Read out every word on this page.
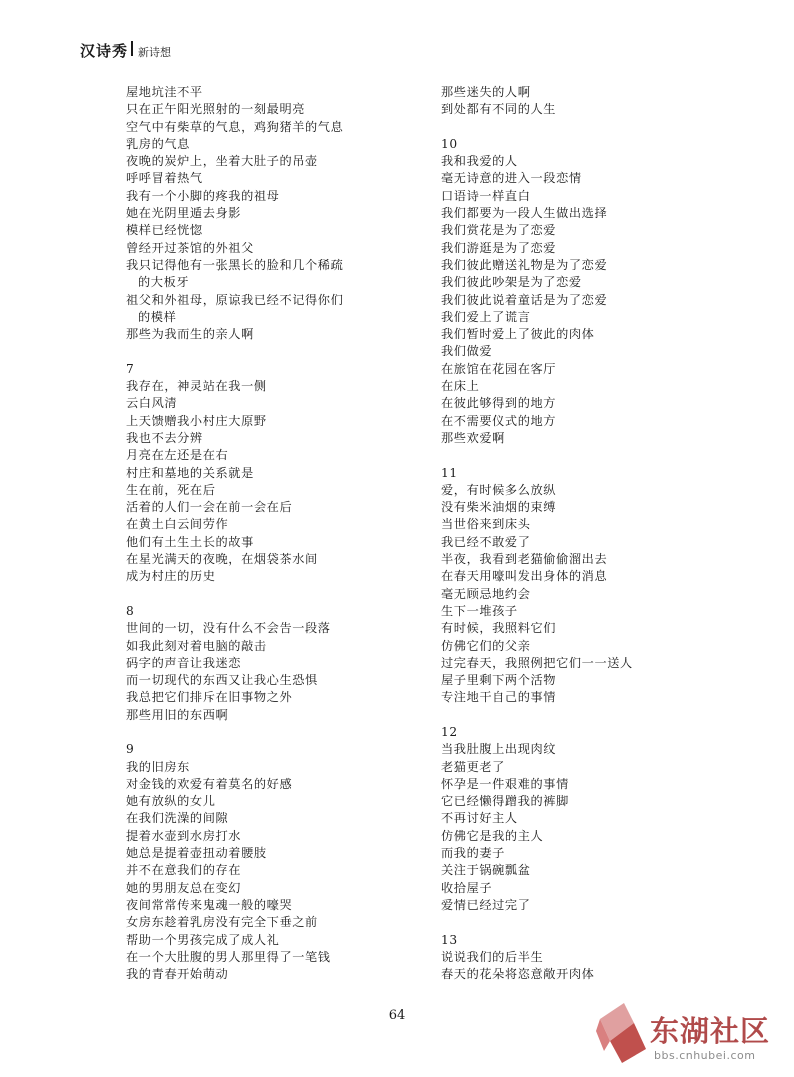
汉诗秀 新诗想
屋地坑洼不平
只在正午阳光照射的一刻最明亮
空气中有柴草的气息，鸡狗猪羊的气息
乳房的气息
夜晚的炭炉上，坐着大肚子的吊壶
呼呼冒着热气
我有一个小脚的疼我的祖母
她在光阴里遁去身影
模样已经恍惚
曾经开过茶馆的外祖父
我只记得他有一张黑长的脸和几个稀疏
的大板牙
祖父和外祖母，原谅我已经不记得你们
的模样
那些为我而生的亲人啊
7
我存在，神灵站在我一侧
云白风清
上天馈赠我小村庄大原野
我也不去分辨
月亮在左还是在右
村庄和墓地的关系就是
生在前，死在后
活着的人们一会在前一会在后
在黄土白云间劳作
他们有土生土长的故事
在星光满天的夜晚，在烟袋茶水间
成为村庄的历史
8
世间的一切，没有什么不会告一段落
如我此刻对着电脑的敲击
码字的声音让我迷恋
而一切现代的东西又让我心生恐惧
我总把它们排斥在旧事物之外
那些用旧的东西啊
9
我的旧房东
对金钱的欢爱有着莫名的好感
她有放纵的女儿
在我们洗澡的间隙
提着水壶到水房打水
她总是提着壶扭动着腰肢
并不在意我们的存在
她的男朋友总在变幻
夜间常常传来鬼魂一般的嚎哭
女房东趁着乳房没有完全下垂之前
帮助一个男孩完成了成人礼
在一个大肚腹的男人那里得了一笔钱
我的青春开始萌动
那些迷失的人啊
到处都有不同的人生
10
我和我爱的人
毫无诗意的进入一段恋情
口语诗一样直白
我们都要为一段人生做出选择
我们赏花是为了恋爱
我们游逛是为了恋爱
我们彼此赠送礼物是为了恋爱
我们彼此吵架是为了恋爱
我们彼此说着童话是为了恋爱
我们爱上了谎言
我们暂时爱上了彼此的肉体
我们做爱
在旅馆在花园在客厅
在床上
在彼此够得到的地方
在不需要仪式的地方
那些欢爱啊
11
爱，有时候多么放纵
没有柴米油烟的束缚
当世俗来到床头
我已经不敢爱了
半夜，我看到老猫偷偷溜出去
在春天用嚎叫发出身体的消息
毫无顾忌地约会
生下一堆孩子
有时候，我照料它们
仿佛它们的父亲
过完春天，我照例把它们一一送人
屋子里剩下两个活物
专注地干自己的事情
12
当我肚腹上出现肉纹
老猫更老了
怀孕是一件艰难的事情
它已经懒得蹭我的裤脚
不再讨好主人
仿佛它是我的主人
而我的妻子
关注于锅碗瓢盆
收拾屋子
爱情已经过完了
13
说说我们的后半生
春天的花朵将恣意敞开肉体
64	东湖社区
bbs.cnhubei.com
